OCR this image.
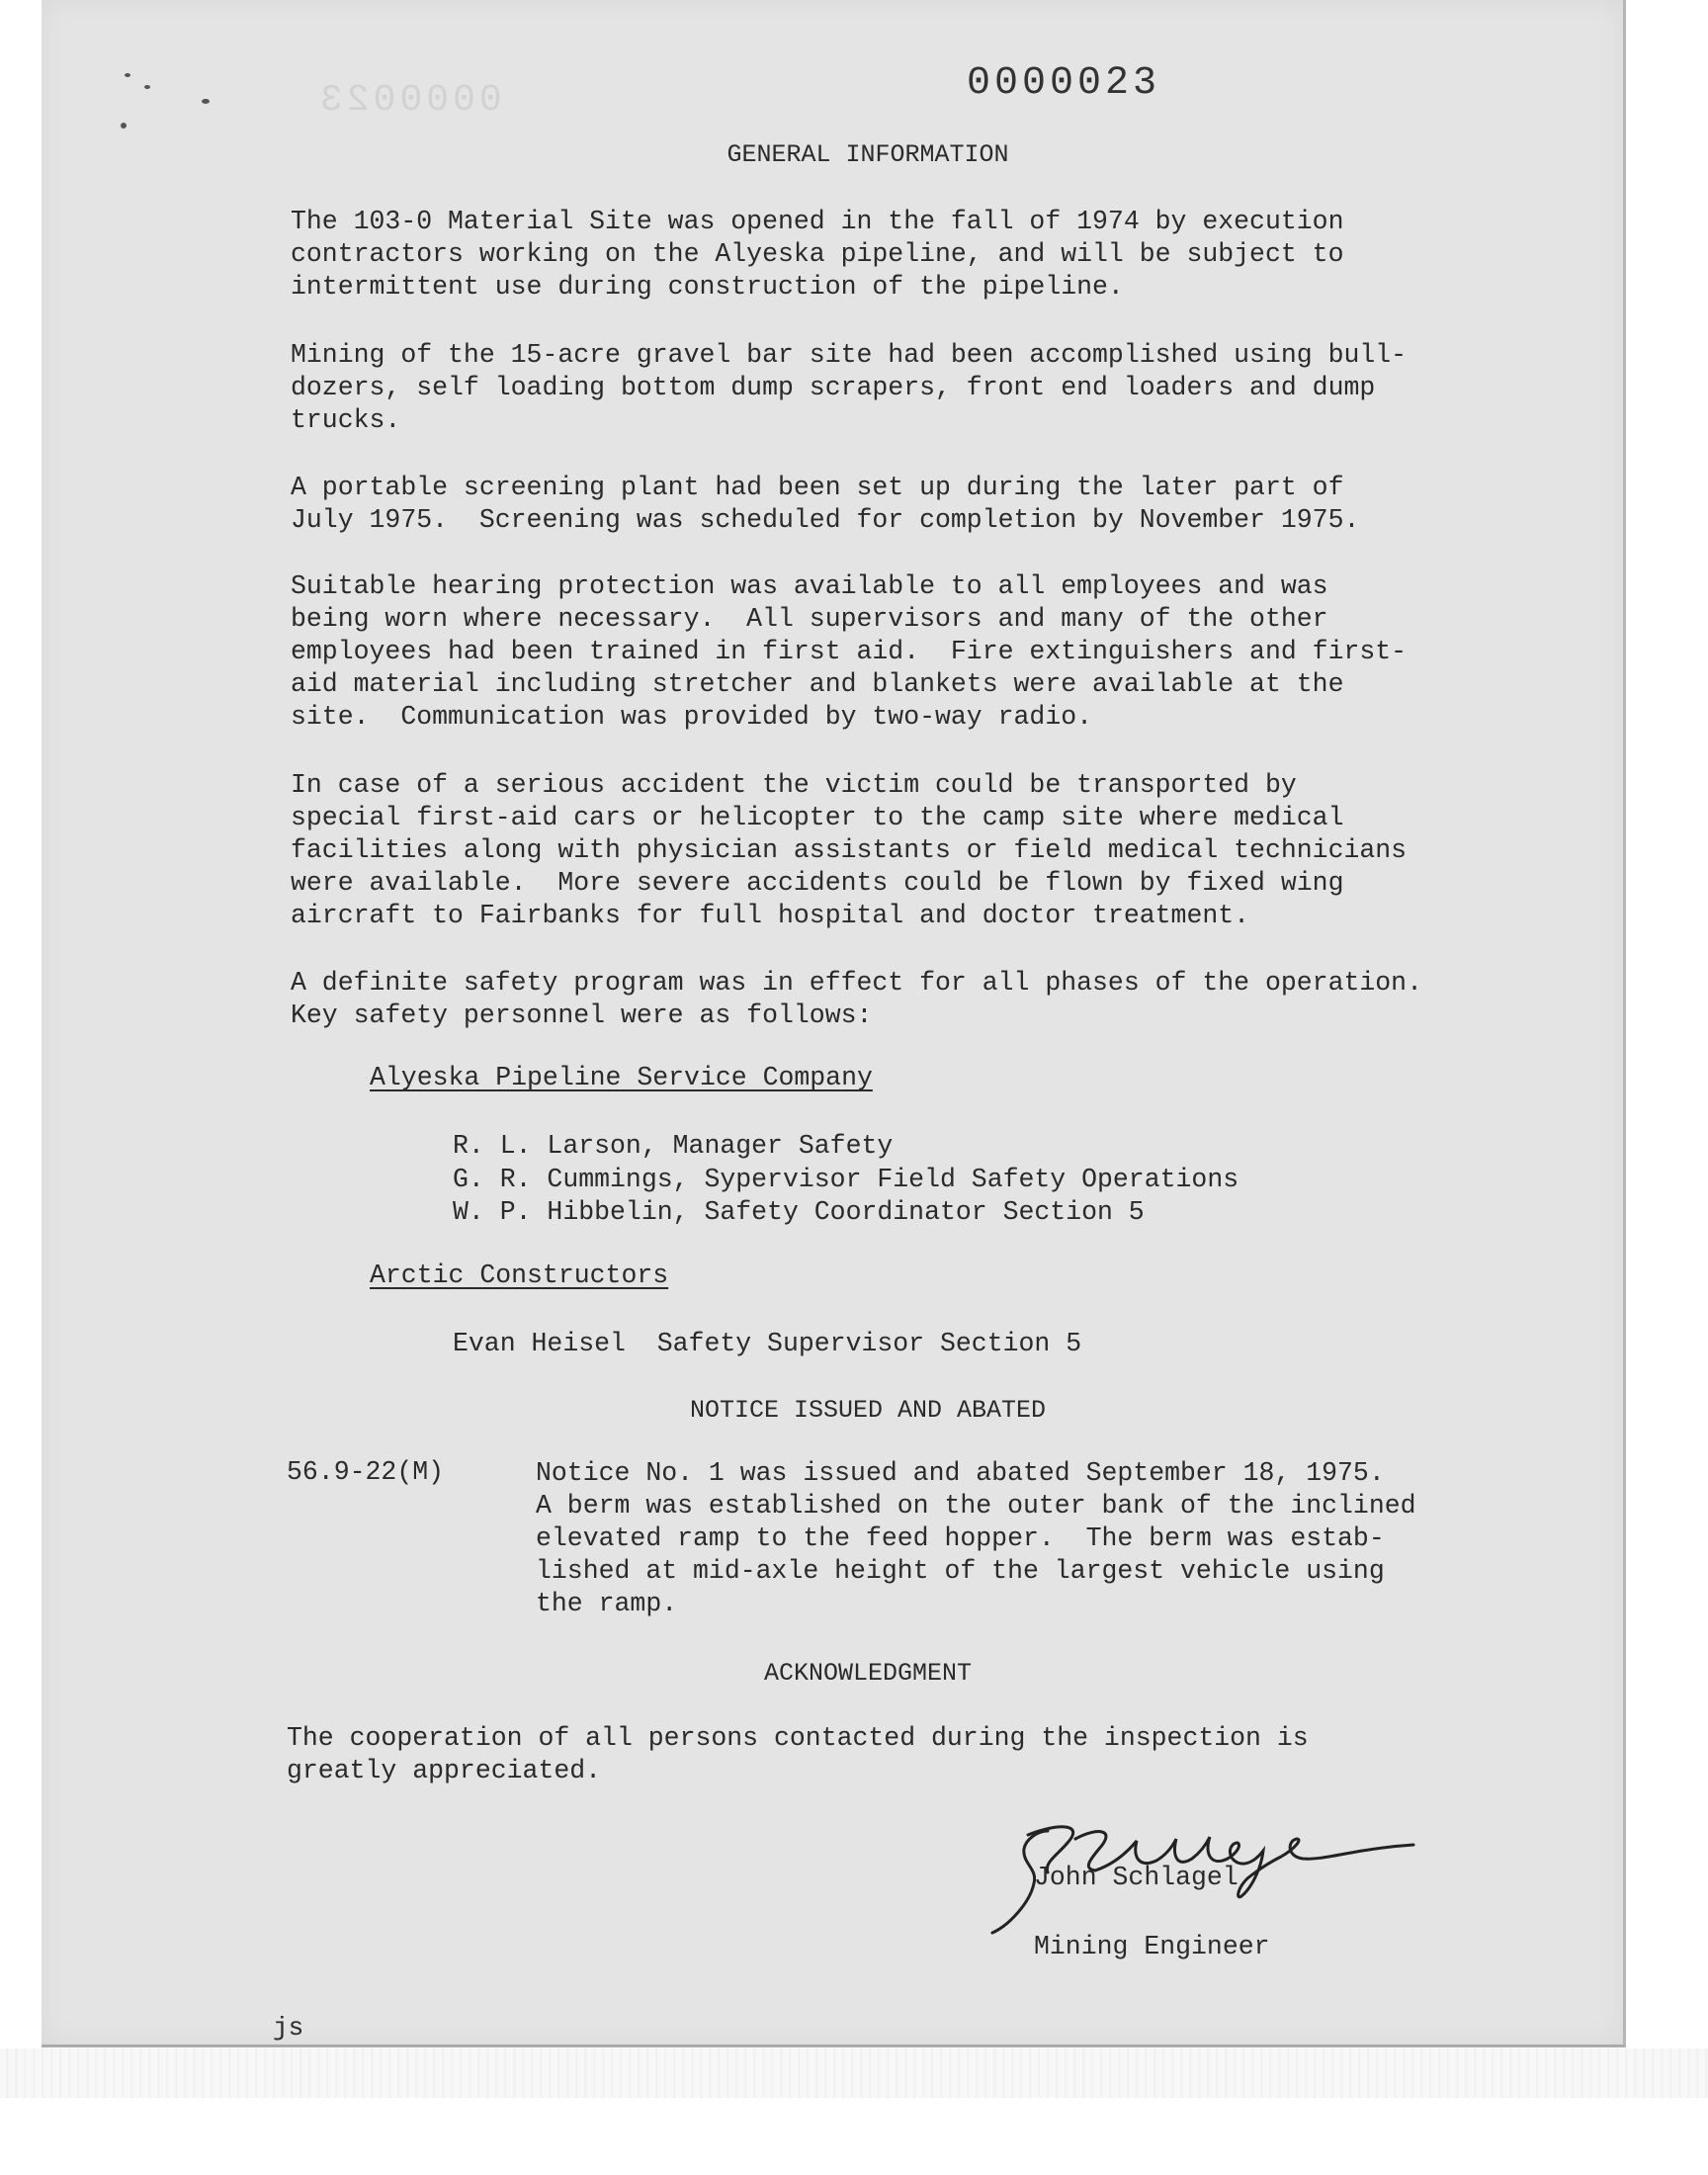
0000023	0000023
GENERAL INFORMATION

The 103-0 Material Site was opened in the fall of 1974 by execution
contractors working on the Alyeska pipeline, and will be subject to
intermittent use during construction of the pipeline.

Mining of the 15-acre gravel bar site had been accomplished using bull-
dozers, self loading bottom dump scrapers, front end loaders and dump
trucks.

A portable screening plant had been set up during the later part of
July 1975.  Screening was scheduled for completion by November 1975.

Suitable hearing protection was available to all employees and was
being worn where necessary.  All supervisors and many of the other
employees had been trained in first aid.  Fire extinguishers and first-
aid material including stretcher and blankets were available at the
site.  Communication was provided by two-way radio.

In case of a serious accident the victim could be transported by
special first-aid cars or helicopter to the camp site where medical
facilities along with physician assistants or field medical technicians
were available.  More severe accidents could be flown by fixed wing
aircraft to Fairbanks for full hospital and doctor treatment.

A definite safety program was in effect for all phases of the operation.
Key safety personnel were as follows:

Alyeska Pipeline Service Company

R. L. Larson, Manager Safety

G. R. Cummings, Sypervisor Field Safety Operations

W. P. Hibbelin, Safety Coordinator Section 5

Arctic Constructors

Evan Heisel  Safety Supervisor Section 5

NOTICE ISSUED AND ABATED
56.9-22(M)	Notice No. 1 was issued and abated September 18, 1975.
A berm was established on the outer bank of the inclined
elevated ramp to the feed hopper.  The berm was estab-
lished at mid-axle height of the largest vehicle using
the ramp.

ACKNOWLEDGMENT

The cooperation of all persons contacted during the inspection is
greatly appreciated.

John Schlagel
Mining Engineer
js
